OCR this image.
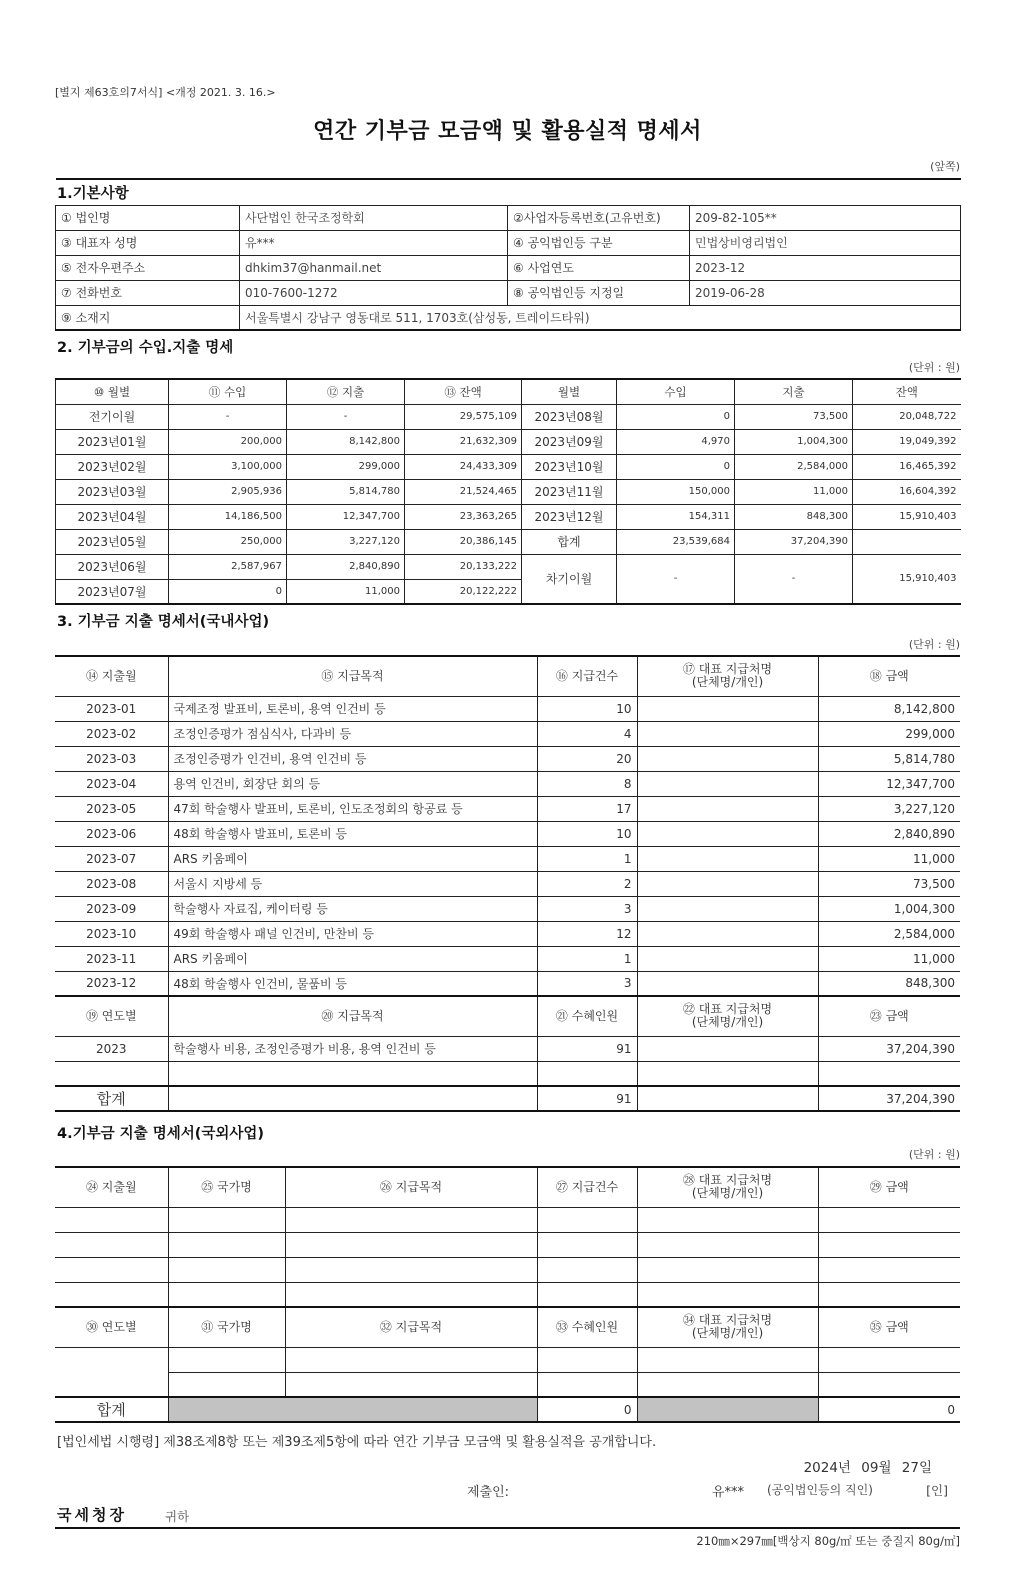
[별지 제63호의7서식] <개정 2021. 3. 16.>
연간 기부금 모금액 및 활용실적 명세서
(앞쪽)
1.기본사항

① 법인명	사단법인 한국조정학회	②사업자등록번호(고유번호)	209-82-105**
③ 대표자 성명	유***	④ 공익법인등 구분	민법상비영리법인
⑤ 전자우편주소	dhkim37@hanmail.net	⑥ 사업연도	2023-12
⑦ 전화번호	010-7600-1272	⑧ 공익법인등 지정일	2019-06-28
⑨ 소재지	서울특별시 강남구 영동대로 511, 1703호(삼성동, 트레이드타워)		
2. 기부금의 수입.지출 명세
(단위 : 원)
⑩ 월별	⑪ 수입	⑫ 지출	⑬ 잔액	월별	수입	지출	잔액
전기이월	-	-	29,575,109	2023년08월	0	73,500	20,048,722
2023년01월	200,000	8,142,800	21,632,309	2023년09월	4,970	1,004,300	19,049,392
2023년02월	3,100,000	299,000	24,433,309	2023년10월	0	2,584,000	16,465,392
2023년03월	2,905,936	5,814,780	21,524,465	2023년11월	150,000	11,000	16,604,392
2023년04월	14,186,500	12,347,700	23,363,265	2023년12월	154,311	848,300	15,910,403
2023년05월	250,000	3,227,120	20,386,145	합계	23,539,684	37,204,390	
2023년06월	2,587,967	2,840,890	20,133,222	차기이월	-	-	15,910,403
2023년07월	0	11,000	20,122,222				
3. 기부금 지출 명세서(국내사업)
(단위 : 원)
⑭ 지출월	⑮ 지급목적	⑯ 지급건수	⑰ 대표 지급처명
(단체명/개인)	⑱ 금액
2023-01	국제조정 발표비, 토론비, 용역 인건비 등	10		8,142,800
2023-02	조정인증평가 점심식사, 다과비 등	4		299,000
2023-03	조정인증평가 인건비, 용역 인건비 등	20		5,814,780
2023-04	용역 인건비, 회장단 회의 등	8		12,347,700
2023-05	47회 학술행사 발표비, 토론비, 인도조정회의 항공료 등	17		3,227,120
2023-06	48회 학술행사 발표비, 토론비 등	10		2,840,890
2023-07	ARS 키움페이	1		11,000
2023-08	서울시 지방세 등	2		73,500
2023-09	학술행사 자료집, 케이터링 등	3		1,004,300
2023-10	49회 학술행사 패널 인건비, 만찬비 등	12		2,584,000
2023-11	ARS 키움페이	1		11,000
2023-12	48회 학술행사 인건비, 물품비 등	3		848,300
⑲ 연도별	⑳ 지급목적	㉑ 수혜인원	㉒ 대표 지급처명
(단체명/개인)	㉓ 금액
2023	학술행사 비용, 조정인증평가 비용, 용역 인건비 등	91		37,204,390

합계		91		37,204,390
4.기부금 지출 명세서(국외사업)
(단위 : 원)
㉔ 지출월	㉕ 국가명	㉖ 지급목적	㉗ 지급건수	㉘ 대표 지급처명
(단체명/개인)	㉙ 금액

㉚ 연도별	㉛ 국가명	㉜ 지급목적	㉝ 수혜인원	㉞ 대표 지급처명
(단체명/개인)	㉟ 금액

합계			0		0
[법인세법 시행령] 제38조제8항 또는 제39조제5항에 따라 연간 기부금 모금액 및 활용실적을 공개합니다.
2024년 09월 27일
제출인:	유*** (공익법인등의 직인)	[인]
국세청장	귀하
210㎜×297㎜[백상지 80g/㎡ 또는 중질지 80g/㎡]
